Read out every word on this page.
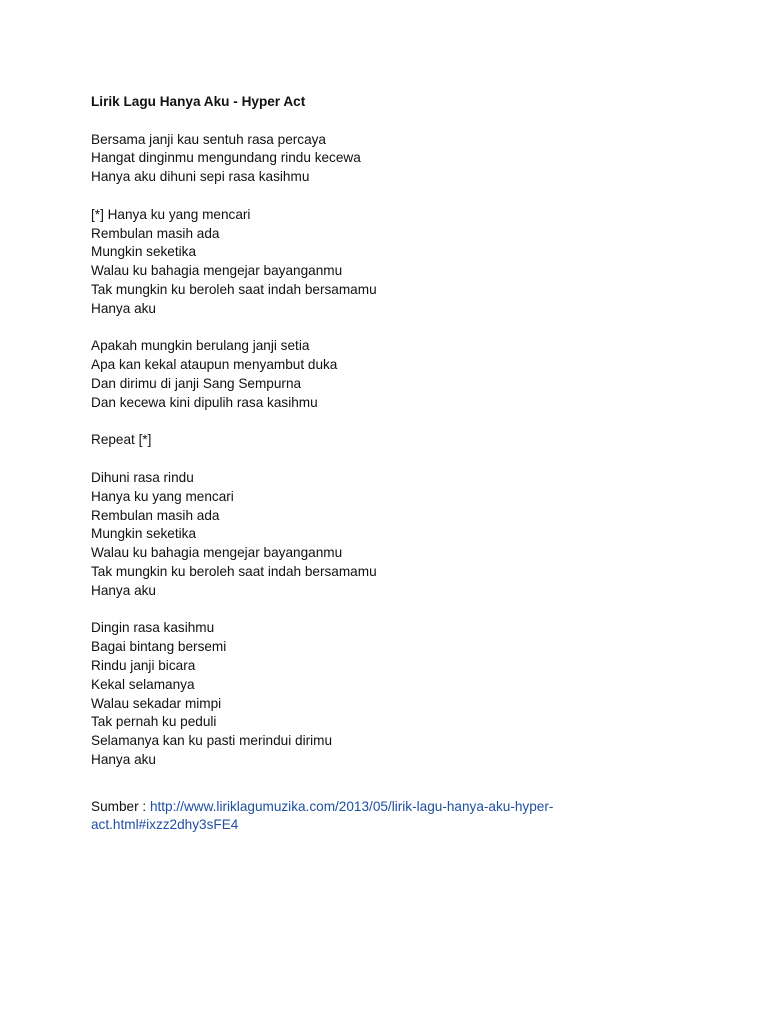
Lirik Lagu Hanya Aku - Hyper Act

Bersama janji kau sentuh rasa percaya
Hangat dinginmu mengundang rindu kecewa
Hanya aku dihuni sepi rasa kasihmu
[*] Hanya ku yang mencari
Rembulan masih ada
Mungkin seketika
Walau ku bahagia mengejar bayanganmu
Tak mungkin ku beroleh saat indah bersamamu
Hanya aku
Apakah mungkin berulang janji setia
Apa kan kekal ataupun menyambut duka
Dan dirimu di janji Sang Sempurna
Dan kecewa kini dipulih rasa kasihmu
Repeat [*]
Dihuni rasa rindu
Hanya ku yang mencari
Rembulan masih ada
Mungkin seketika
Walau ku bahagia mengejar bayanganmu
Tak mungkin ku beroleh saat indah bersamamu
Hanya aku
Dingin rasa kasihmu
Bagai bintang bersemi
Rindu janji bicara
Kekal selamanya
Walau sekadar mimpi
Tak pernah ku peduli
Selamanya kan ku pasti merindui dirimu
Hanya aku
Sumber : http://www.liriklagumuzika.com/2013/05/lirik-lagu-hanya-aku-hyper-
act.html#ixzz2dhy3sFE4
